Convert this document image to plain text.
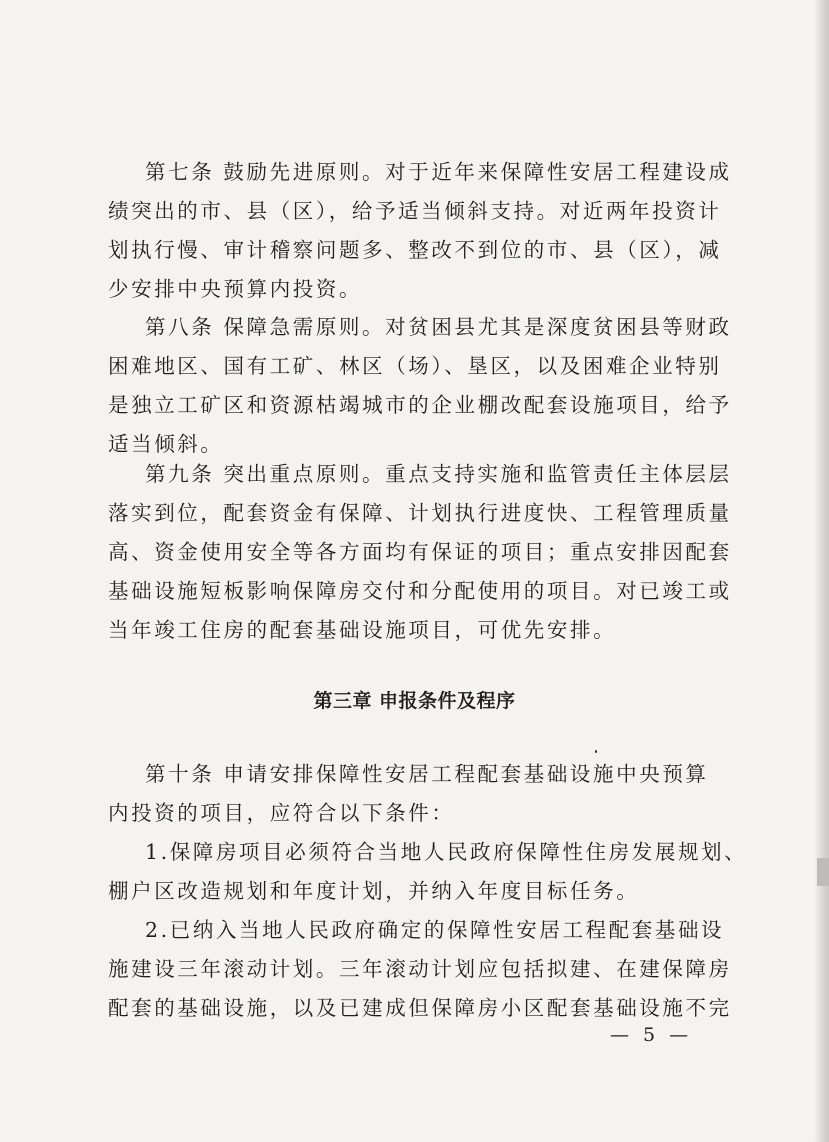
第七条 鼓励先进原则。对于近年来保障性安居工程建设成
绩突出的市、县（区），给予适当倾斜支持。对近两年投资计
划执行慢、审计稽察问题多、整改不到位的市、县（区），减
少安排中央预算内投资。
第八条 保障急需原则。对贫困县尤其是深度贫困县等财政
困难地区、国有工矿、林区（场）、垦区，以及困难企业特别
是独立工矿区和资源枯竭城市的企业棚改配套设施项目，给予
适当倾斜。
第九条 突出重点原则。重点支持实施和监管责任主体层层
落实到位，配套资金有保障、计划执行进度快、工程管理质量
高、资金使用安全等各方面均有保证的项目；重点安排因配套
基础设施短板影响保障房交付和分配使用的项目。对已竣工或
当年竣工住房的配套基础设施项目，可优先安排。
第三章 申报条件及程序
第十条 申请安排保障性安居工程配套基础设施中央预算
内投资的项目，应符合以下条件：
1.保障房项目必须符合当地人民政府保障性住房发展规划、
棚户区改造规划和年度计划，并纳入年度目标任务。
2.已纳入当地人民政府确定的保障性安居工程配套基础设
施建设三年滚动计划。三年滚动计划应包括拟建、在建保障房
配套的基础设施，以及已建成但保障房小区配套基础设施不完
— 5 —
